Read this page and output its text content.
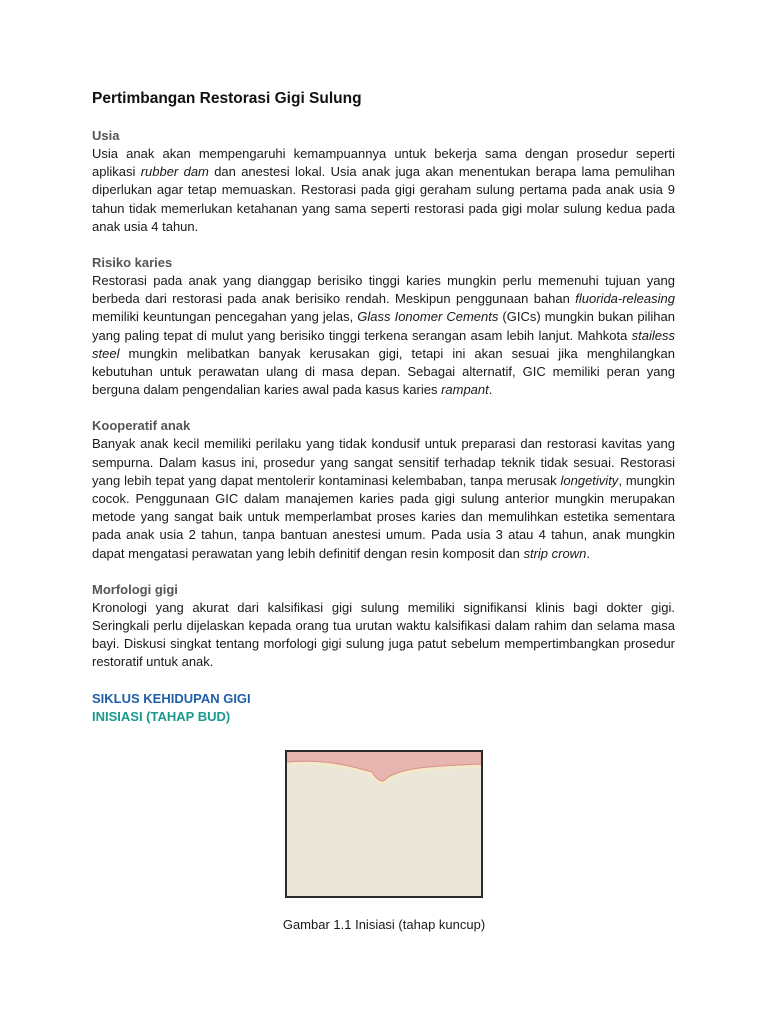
Pertimbangan Restorasi Gigi Sulung

Usia

Usia anak akan mempengaruhi kemampuannya untuk bekerja sama dengan prosedur seperti aplikasi rubber dam dan anestesi lokal. Usia anak juga akan menentukan berapa lama pemulihan diperlukan agar tetap memuaskan. Restorasi pada gigi geraham sulung pertama pada anak usia 9 tahun tidak memerlukan ketahanan yang sama seperti restorasi pada gigi molar sulung kedua pada anak usia 4 tahun.

Risiko karies

Restorasi pada anak yang dianggap berisiko tinggi karies mungkin perlu memenuhi tujuan yang berbeda dari restorasi pada anak berisiko rendah. Meskipun penggunaan bahan fluorida-releasing memiliki keuntungan pencegahan yang jelas, Glass Ionomer Cements (GICs) mungkin bukan pilihan yang paling tepat di mulut yang berisiko tinggi terkena serangan asam lebih lanjut. Mahkota stailess steel mungkin melibatkan banyak kerusakan gigi, tetapi ini akan sesuai jika menghilangkan kebutuhan untuk perawatan ulang di masa depan. Sebagai alternatif, GIC memiliki peran yang berguna dalam pengendalian karies awal pada kasus karies rampant.

Kooperatif anak

Banyak anak kecil memiliki perilaku yang tidak kondusif untuk preparasi dan restorasi kavitas yang sempurna. Dalam kasus ini, prosedur yang sangat sensitif terhadap teknik tidak sesuai. Restorasi yang lebih tepat yang dapat mentolerir kontaminasi kelembaban, tanpa merusak longetivity, mungkin cocok. Penggunaan GIC dalam manajemen karies pada gigi sulung anterior mungkin merupakan metode yang sangat baik untuk memperlambat proses karies dan memulihkan estetika sementara pada anak usia 2 tahun, tanpa bantuan anestesi umum. Pada usia 3 atau 4 tahun, anak mungkin dapat mengatasi perawatan yang lebih definitif dengan resin komposit dan strip crown.

Morfologi gigi

Kronologi yang akurat dari kalsifikasi gigi sulung memiliki signifikansi klinis bagi dokter gigi. Seringkali perlu dijelaskan kepada orang tua urutan waktu kalsifikasi dalam rahim dan selama masa bayi. Diskusi singkat tentang morfologi gigi sulung juga patut sebelum mempertimbangkan prosedur restoratif untuk anak.

SIKLUS KEHIDUPAN GIGI

INISIASI (TAHAP BUD)

Gambar 1.1 Inisiasi (tahap kuncup)
